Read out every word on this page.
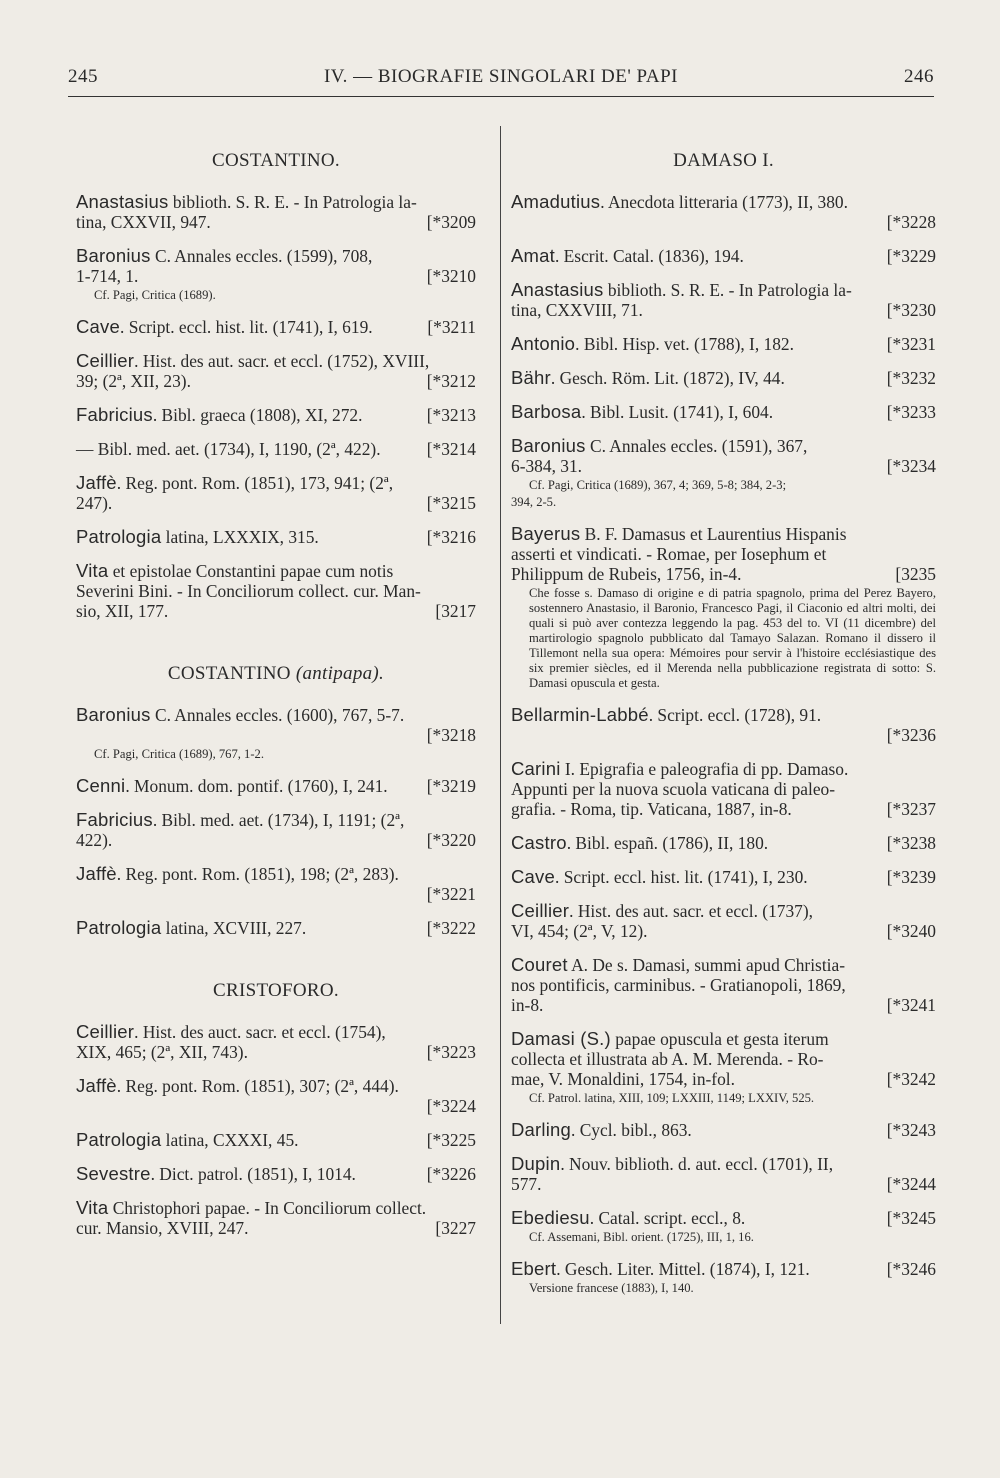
245	IV. — BIOGRAFIE SINGOLARI DE' PAPI	246
COSTANTINO.
Anastasius biblioth. S. R. E. - In Patrologia la-
tina, CXXVII, 947.	[*3209
Baronius C. Annales eccles. (1599), 708,
1-714, 1.	[*3210
Cf. Pagi, Critica (1689).
Cave. Script. eccl. hist. lit. (1741), I, 619.	[*3211
Ceillier. Hist. des aut. sacr. et eccl. (1752), XVIII,
39; (2ª, XII, 23).	[*3212
Fabricius. Bibl. graeca (1808), XI, 272.	[*3213
— Bibl. med. aet. (1734), I, 1190, (2ª, 422).	[*3214
Jaffè. Reg. pont. Rom. (1851), 173, 941; (2ª,
247).	[*3215
Patrologia latina, LXXXIX, 315.	[*3216
Vita et epistolae Constantini papae cum notis
Severini Bini. - In Conciliorum collect. cur. Man-
sio, XII, 177.	[3217
COSTANTINO (antipapa).
Baronius C. Annales eccles. (1600), 767, 5-7.
[*3218

Cf. Pagi, Critica (1689), 767, 1-2.
Cenni. Monum. dom. pontif. (1760), I, 241. [*3219
Fabricius. Bibl. med. aet. (1734), I, 1191; (2ª,
422).	[*3220
Jaffè. Reg. pont. Rom. (1851), 198; (2ª, 283).
[*3221

Patrologia latina, XCVIII, 227.	[*3222
CRISTOFORO.
Ceillier. Hist. des auct. sacr. et eccl. (1754),
XIX, 465; (2ª, XII, 743).	[*3223
Jaffè. Reg. pont. Rom. (1851), 307; (2ª, 444).
[*3224

Patrologia latina, CXXXI, 45.	[*3225
Sevestre. Dict. patrol. (1851), I, 1014.	[*3226
Vita Christophori papae. - In Conciliorum collect.
cur. Mansio, XVIII, 247.	[3227
DAMASO I.
Amadutius. Anecdota litteraria (1773), II, 380.
[*3228

Amat. Escrit. Catal. (1836), 194.	[*3229
Anastasius biblioth. S. R. E. - In Patrologia la-
tina, CXXVIII, 71.	[*3230
Antonio. Bibl. Hisp. vet. (1788), I, 182.	[*3231
Bähr. Gesch. Röm. Lit. (1872), IV, 44.	[*3232
Barbosa. Bibl. Lusit. (1741), I, 604.	[*3233
Baronius C. Annales eccles. (1591), 367,
6-384, 31.	[*3234
Cf. Pagi, Critica (1689), 367, 4; 369, 5-8; 384, 2-3;
394, 2-5.
Bayerus B. F. Damasus et Laurentius Hispanis
asserti et vindicati. - Romae, per Iosephum et
Philippum de Rubeis, 1756, in-4.	[3235
Che fosse s. Damaso di origine e di patria spagnolo, prima del Perez Bayero, sostennero Anastasio, il Baronio, Francesco Pagi, il Ciaconio ed altri molti, dei quali si può aver contezza leggendo la pag. 453 del to. VI (11 dicembre) del martirologio spagnolo pubblicato dal Tamayo Salazan. Romano il dissero il Tillemont nella sua opera: Mémoires pour servir à l'histoire ecclésiastique des six premier siècles, ed il Merenda nella pubblicazione registrata di sotto: S. Damasi opuscula et gesta.
Bellarmin-Labbé. Script. eccl. (1728), 91.
[*3236

Carini I. Epigrafia e paleografia di pp. Damaso.
Appunti per la nuova scuola vaticana di paleo-
grafia. - Roma, tip. Vaticana, 1887, in-8.	[*3237
Castro. Bibl. españ. (1786), II, 180.	[*3238
Cave. Script. eccl. hist. lit. (1741), I, 230.	[*3239
Ceillier. Hist. des aut. sacr. et eccl. (1737),
VI, 454; (2ª, V, 12).	[*3240
Couret A. De s. Damasi, summi apud Christia-
nos pontificis, carminibus. - Gratianopoli, 1869,
in-8.	[*3241
Damasi (S.) papae opuscula et gesta iterum
collecta et illustrata ab A. M. Merenda. - Ro-
mae, V. Monaldini, 1754, in-fol.	[*3242
Cf. Patrol. latina, XIII, 109; LXXIII, 1149; LXXIV, 525.
Darling. Cycl. bibl., 863.	[*3243
Dupin. Nouv. biblioth. d. aut. eccl. (1701), II,
577.	[*3244
Ebediesu. Catal. script. eccl., 8.	[*3245
Cf. Assemani, Bibl. orient. (1725), III, 1, 16.
Ebert. Gesch. Liter. Mittel. (1874), I, 121.	[*3246
Versione francese (1883), I, 140.
